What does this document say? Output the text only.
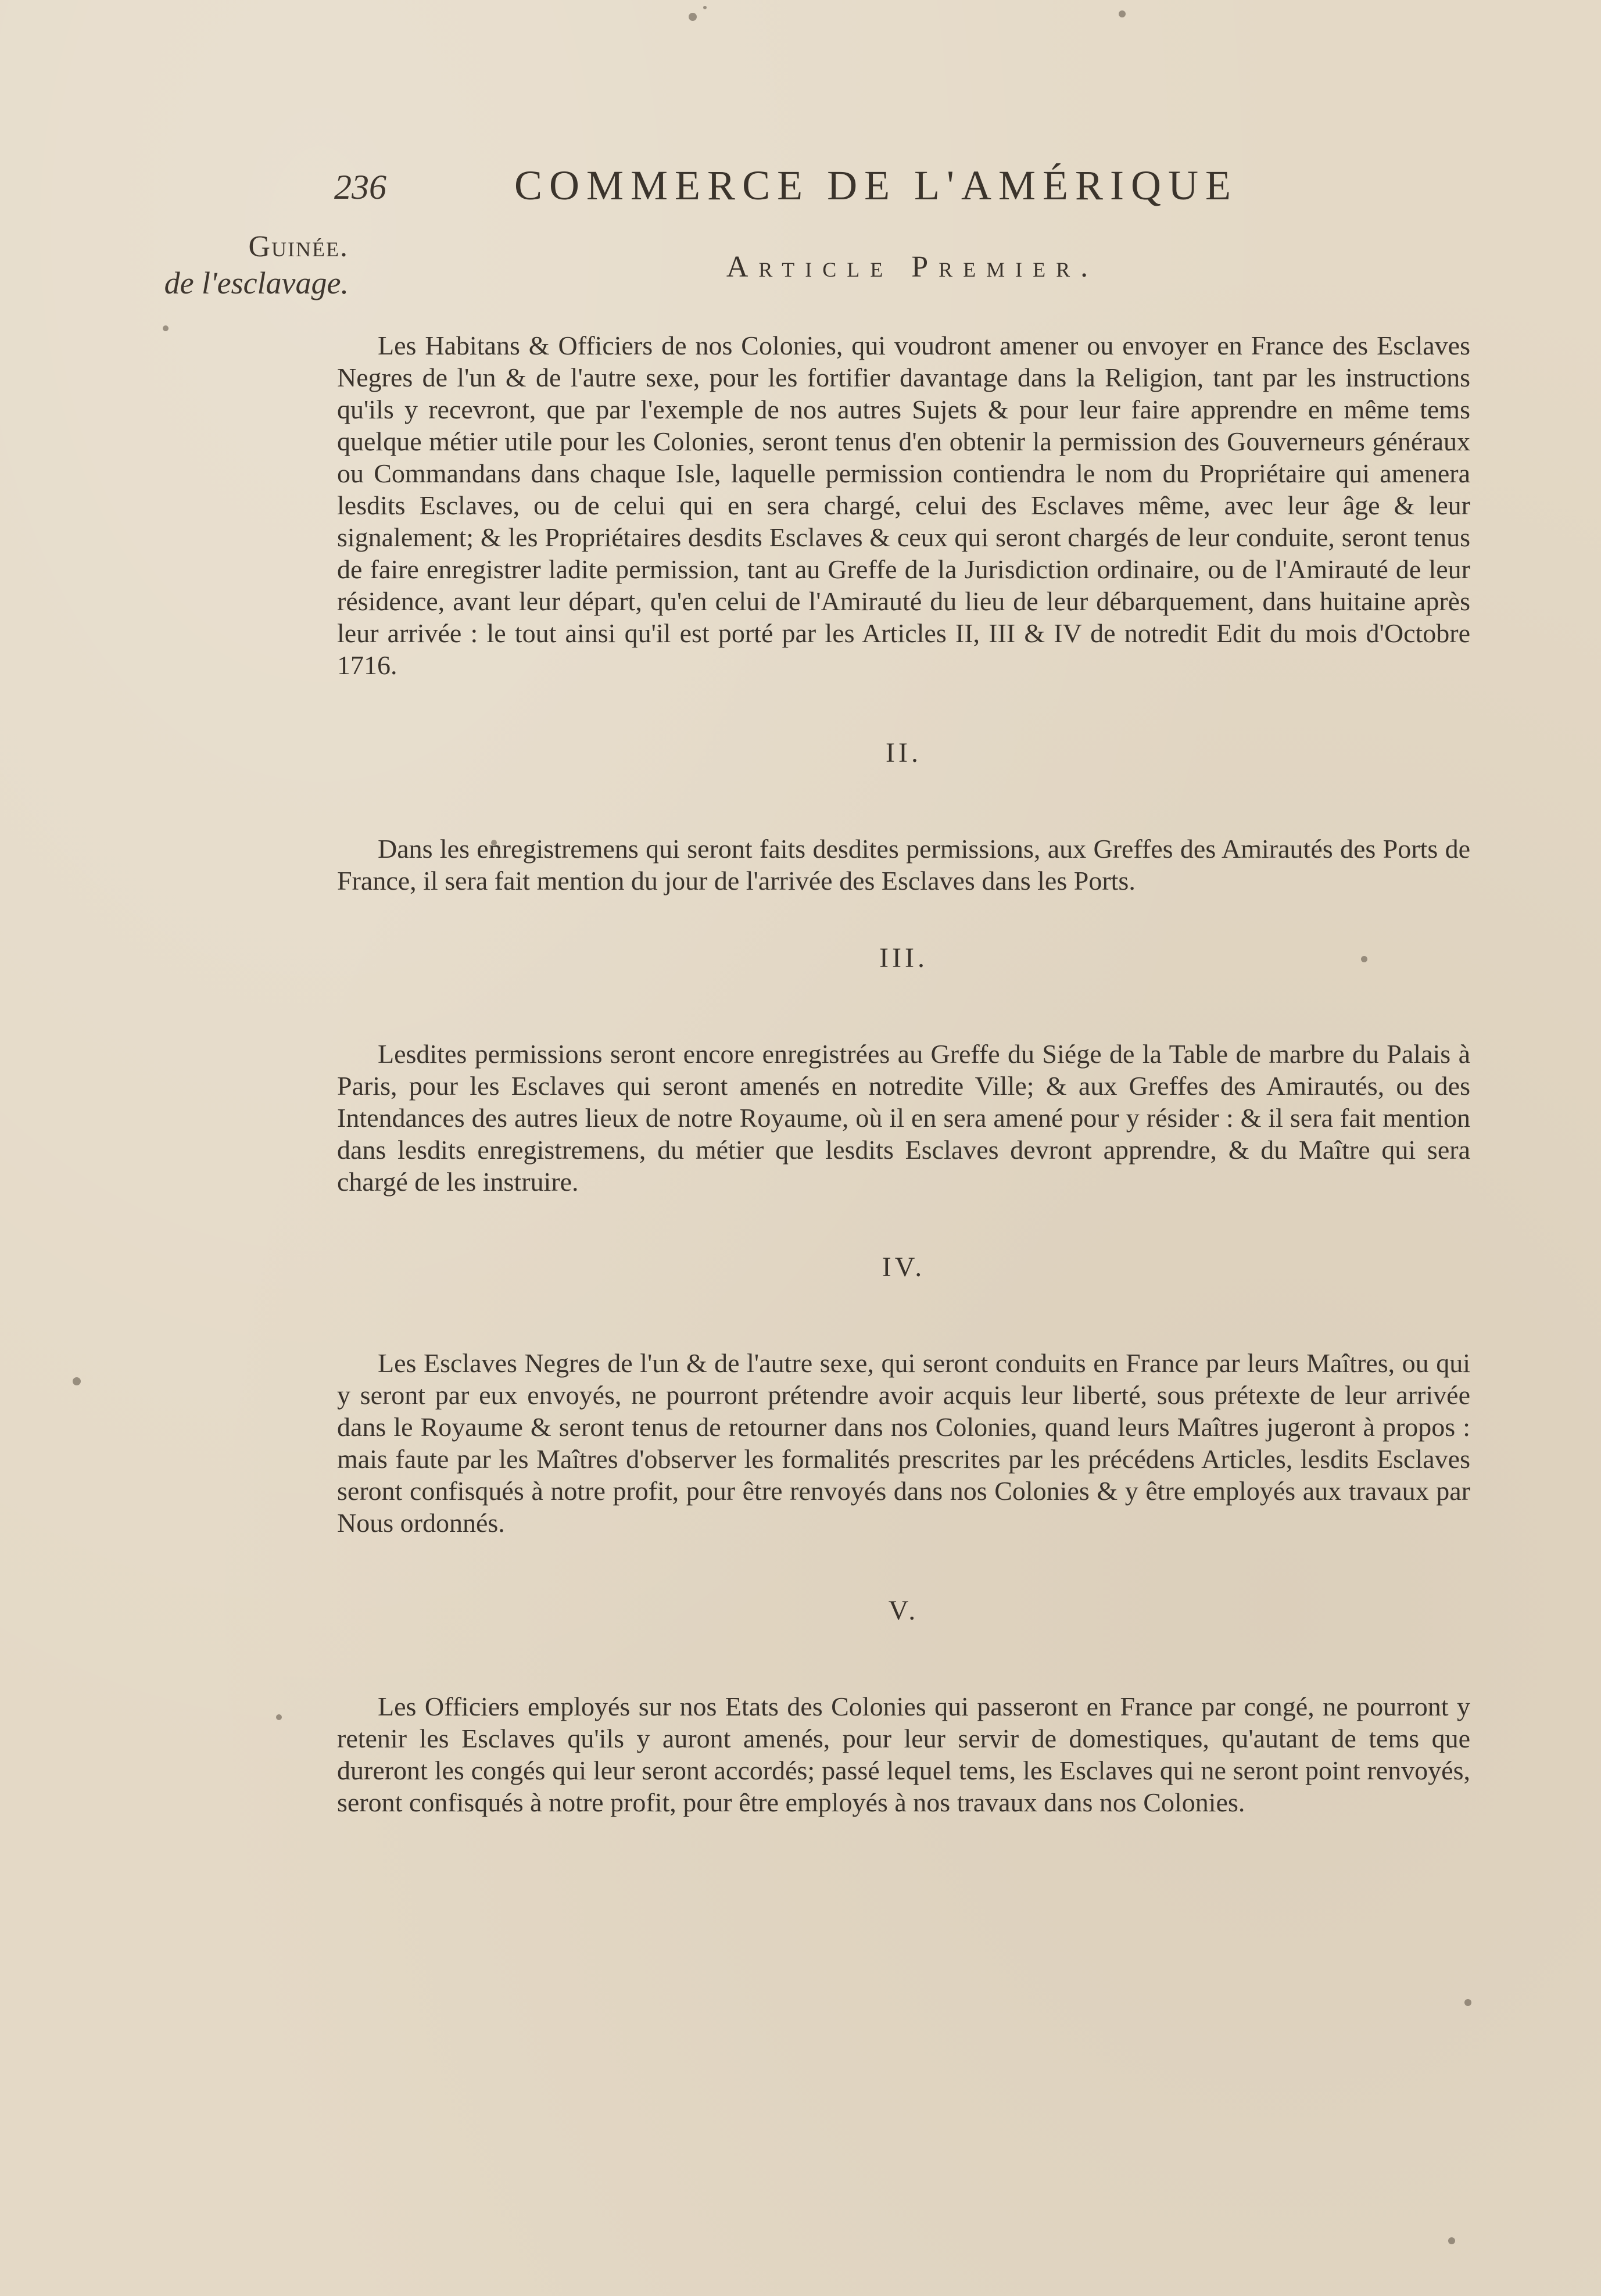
236	COMMERCE DE L'AMÉRIQUE
Guinée.
de l'esclavage.	Article Premier.

Les Habitans & Officiers de nos Colonies, qui voudront amener ou envoyer en France des Esclaves Negres de l'un & de l'autre sexe, pour les fortifier davantage dans la Religion, tant par les instructions qu'ils y recevront, que par l'exemple de nos autres Sujets & pour leur faire apprendre en même tems quelque métier utile pour les Colonies, seront tenus d'en obtenir la permission des Gouverneurs généraux ou Commandans dans chaque Isle, laquelle permission contiendra le nom du Propriétaire qui amenera lesdits Esclaves, ou de celui qui en sera chargé, celui des Esclaves même, avec leur âge & leur signalement; & les Propriétaires desdits Esclaves & ceux qui seront chargés de leur conduite, seront tenus de faire enregistrer ladite permission, tant au Greffe de la Jurisdiction ordinaire, ou de l'Amirauté de leur résidence, avant leur départ, qu'en celui de l'Amirauté du lieu de leur débarquement, dans huitaine après leur arrivée : le tout ainsi qu'il est porté par les Articles II, III & IV de notredit Edit du mois d'Octobre 1716.

II.

Dans les enregistremens qui seront faits desdites permissions, aux Greffes des Amirautés des Ports de France, il sera fait mention du jour de l'arrivée des Esclaves dans les Ports.

III.

Lesdites permissions seront encore enregistrées au Greffe du Siége de la Table de marbre du Palais à Paris, pour les Esclaves qui seront amenés en notredite Ville; & aux Greffes des Amirautés, ou des Intendances des autres lieux de notre Royaume, où il en sera amené pour y résider : & il sera fait mention dans lesdits enregistremens, du métier que lesdits Esclaves devront apprendre, & du Maître qui sera chargé de les instruire.

IV.

Les Esclaves Negres de l'un & de l'autre sexe, qui seront conduits en France par leurs Maîtres, ou qui y seront par eux envoyés, ne pourront prétendre avoir acquis leur liberté, sous prétexte de leur arrivée dans le Royaume & seront tenus de retourner dans nos Colonies, quand leurs Maîtres jugeront à propos : mais faute par les Maîtres d'observer les formalités prescrites par les précédens Articles, lesdits Esclaves seront confisqués à notre profit, pour être renvoyés dans nos Colonies & y être employés aux travaux par Nous ordonnés.

V.

Les Officiers employés sur nos Etats des Colonies qui passeront en France par congé, ne pourront y retenir les Esclaves qu'ils y auront amenés, pour leur servir de domestiques, qu'autant de tems que dureront les congés qui leur seront accordés; passé lequel tems, les Esclaves qui ne seront point renvoyés, seront confisqués à notre profit, pour être employés à nos travaux dans nos Colonies.
